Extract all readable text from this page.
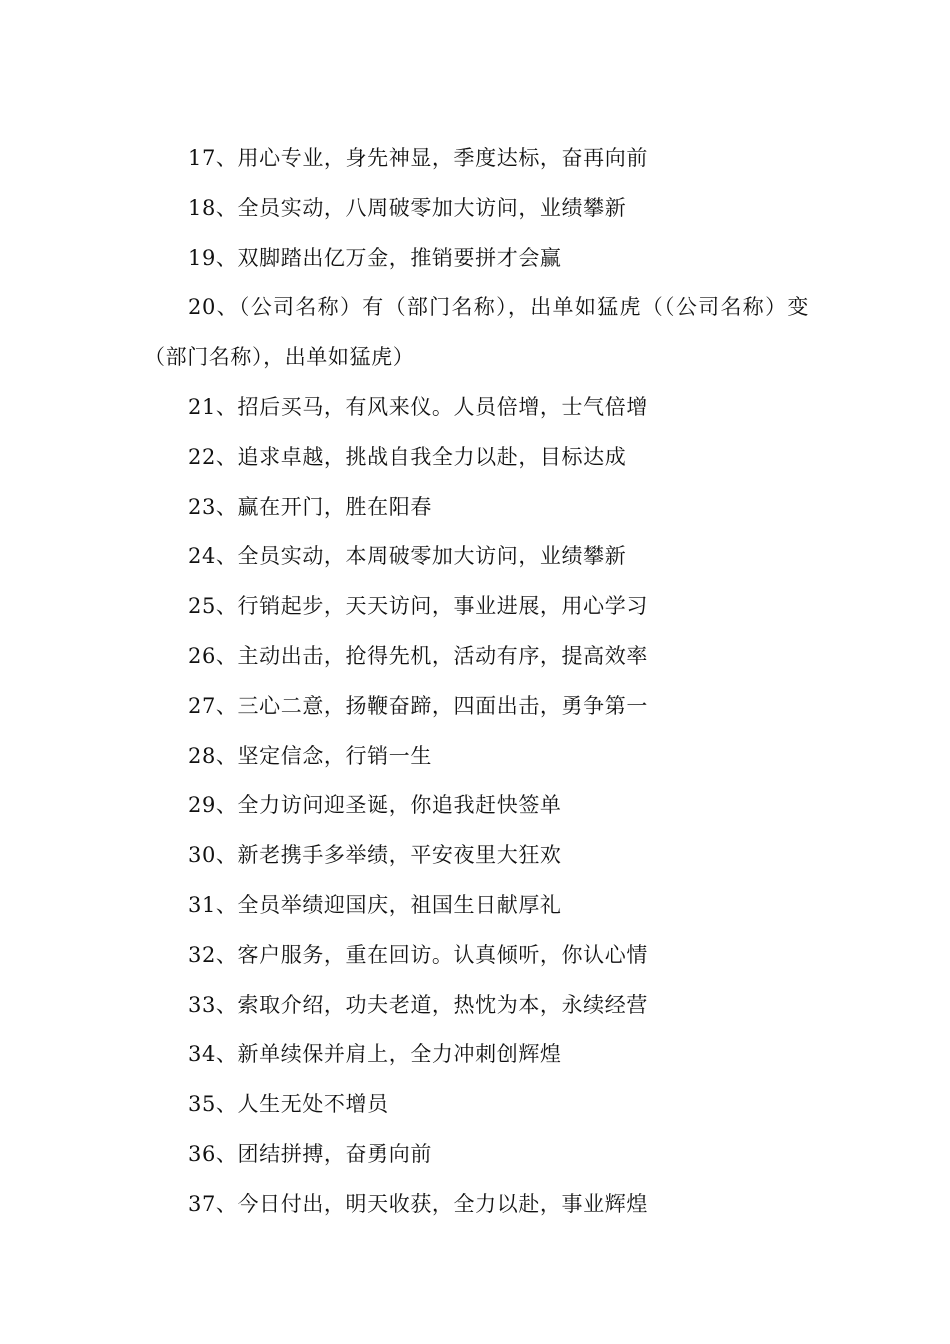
17、用心专业，身先神显，季度达标，奋再向前

18、全员实动，八周破零加大访问，业绩攀新

19、双脚踏出亿万金，推销要拼才会赢

20、（公司名称）有（部门名称），出单如猛虎（（公司名称）变（部门名称），出单如猛虎）

21、招后买马，有风来仪。人员倍增，士气倍增

22、追求卓越，挑战自我全力以赴，目标达成

23、赢在开门，胜在阳春

24、全员实动，本周破零加大访问，业绩攀新

25、行销起步，天天访问，事业进展，用心学习

26、主动出击，抢得先机，活动有序，提高效率

27、三心二意，扬鞭奋蹄，四面出击，勇争第一

28、坚定信念，行销一生

29、全力访问迎圣诞，你追我赶快签单

30、新老携手多举绩，平安夜里大狂欢

31、全员举绩迎国庆，祖国生日献厚礼

32、客户服务，重在回访。认真倾听，你认心情

33、索取介绍，功夫老道，热忱为本，永续经营

34、新单续保并肩上，全力冲刺创辉煌

35、人生无处不增员

36、团结拼搏，奋勇向前

37、今日付出，明天收获，全力以赴，事业辉煌
